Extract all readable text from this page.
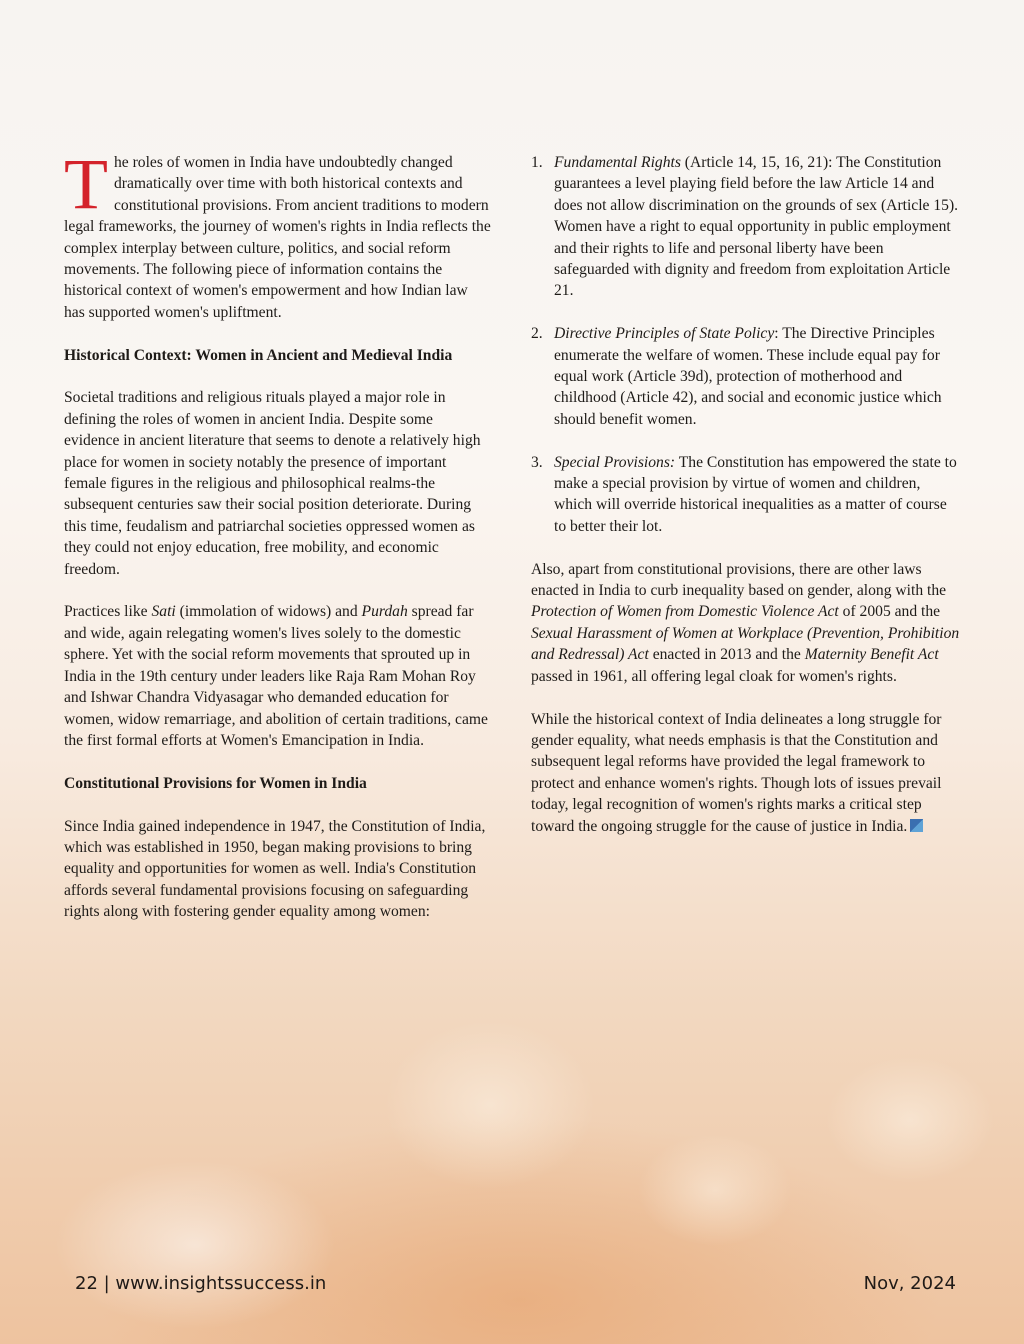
The roles of women in India have undoubtedly changed dramatically over time with both historical contexts and constitutional provisions. From ancient traditions to modern legal frameworks, the journey of women's rights in India reflects the complex interplay between culture, politics, and social reform movements. The following piece of information contains the historical context of women's empowerment and how Indian law has supported women's upliftment.

Historical Context: Women in Ancient and Medieval India

Societal traditions and religious rituals played a major role in defining the roles of women in ancient India. Despite some evidence in ancient literature that seems to denote a relatively high place for women in society notably the presence of important female figures in the religious and philosophical realms-the subsequent centuries saw their social position deteriorate. During this time, feudalism and patriarchal societies oppressed women as they could not enjoy education, free mobility, and economic freedom.

Practices like Sati (immolation of widows) and Purdah spread far and wide, again relegating women's lives solely to the domestic sphere. Yet with the social reform movements that sprouted up in India in the 19th century under leaders like Raja Ram Mohan Roy and Ishwar Chandra Vidyasagar who demanded education for women, widow remarriage, and abolition of certain traditions, came the first formal efforts at Women's Emancipation in India.

Constitutional Provisions for Women in India

Since India gained independence in 1947, the Constitution of India, which was established in 1950, began making provisions to bring equality and opportunities for women as well. India's Constitution affords several fundamental provisions focusing on safeguarding rights along with fostering gender equality among women:

1. Fundamental Rights (Article 14, 15, 16, 21): The Constitution guarantees a level playing field before the law Article 14 and does not allow discrimination on the grounds of sex (Article 15). Women have a right to equal opportunity in public employment and their rights to life and personal liberty have been safeguarded with dignity and freedom from exploitation Article 21.
2. Directive Principles of State Policy: The Directive Principles enumerate the welfare of women. These include equal pay for equal work (Article 39d), protection of motherhood and childhood (Article 42), and social and economic justice which should benefit women.
3. Special Provisions: The Constitution has empowered the state to make a special provision by virtue of women and children, which will override historical inequalities as a matter of course to better their lot.

Also, apart from constitutional provisions, there are other laws enacted in India to curb inequality based on gender, along with the Protection of Women from Domestic Violence Act of 2005 and the Sexual Harassment of Women at Workplace (Prevention, Prohibition and Redressal) Act enacted in 2013 and the Maternity Benefit Act passed in 1961, all offering legal cloak for women's rights.

While the historical context of India delineates a long struggle for gender equality, what needs emphasis is that the Constitution and subsequent legal reforms have provided the legal framework to protect and enhance women's rights. Though lots of issues prevail today, legal recognition of women's rights marks a critical step toward the ongoing struggle for the cause of justice in India.

22 | www.insightssuccess.in	Nov, 2024
